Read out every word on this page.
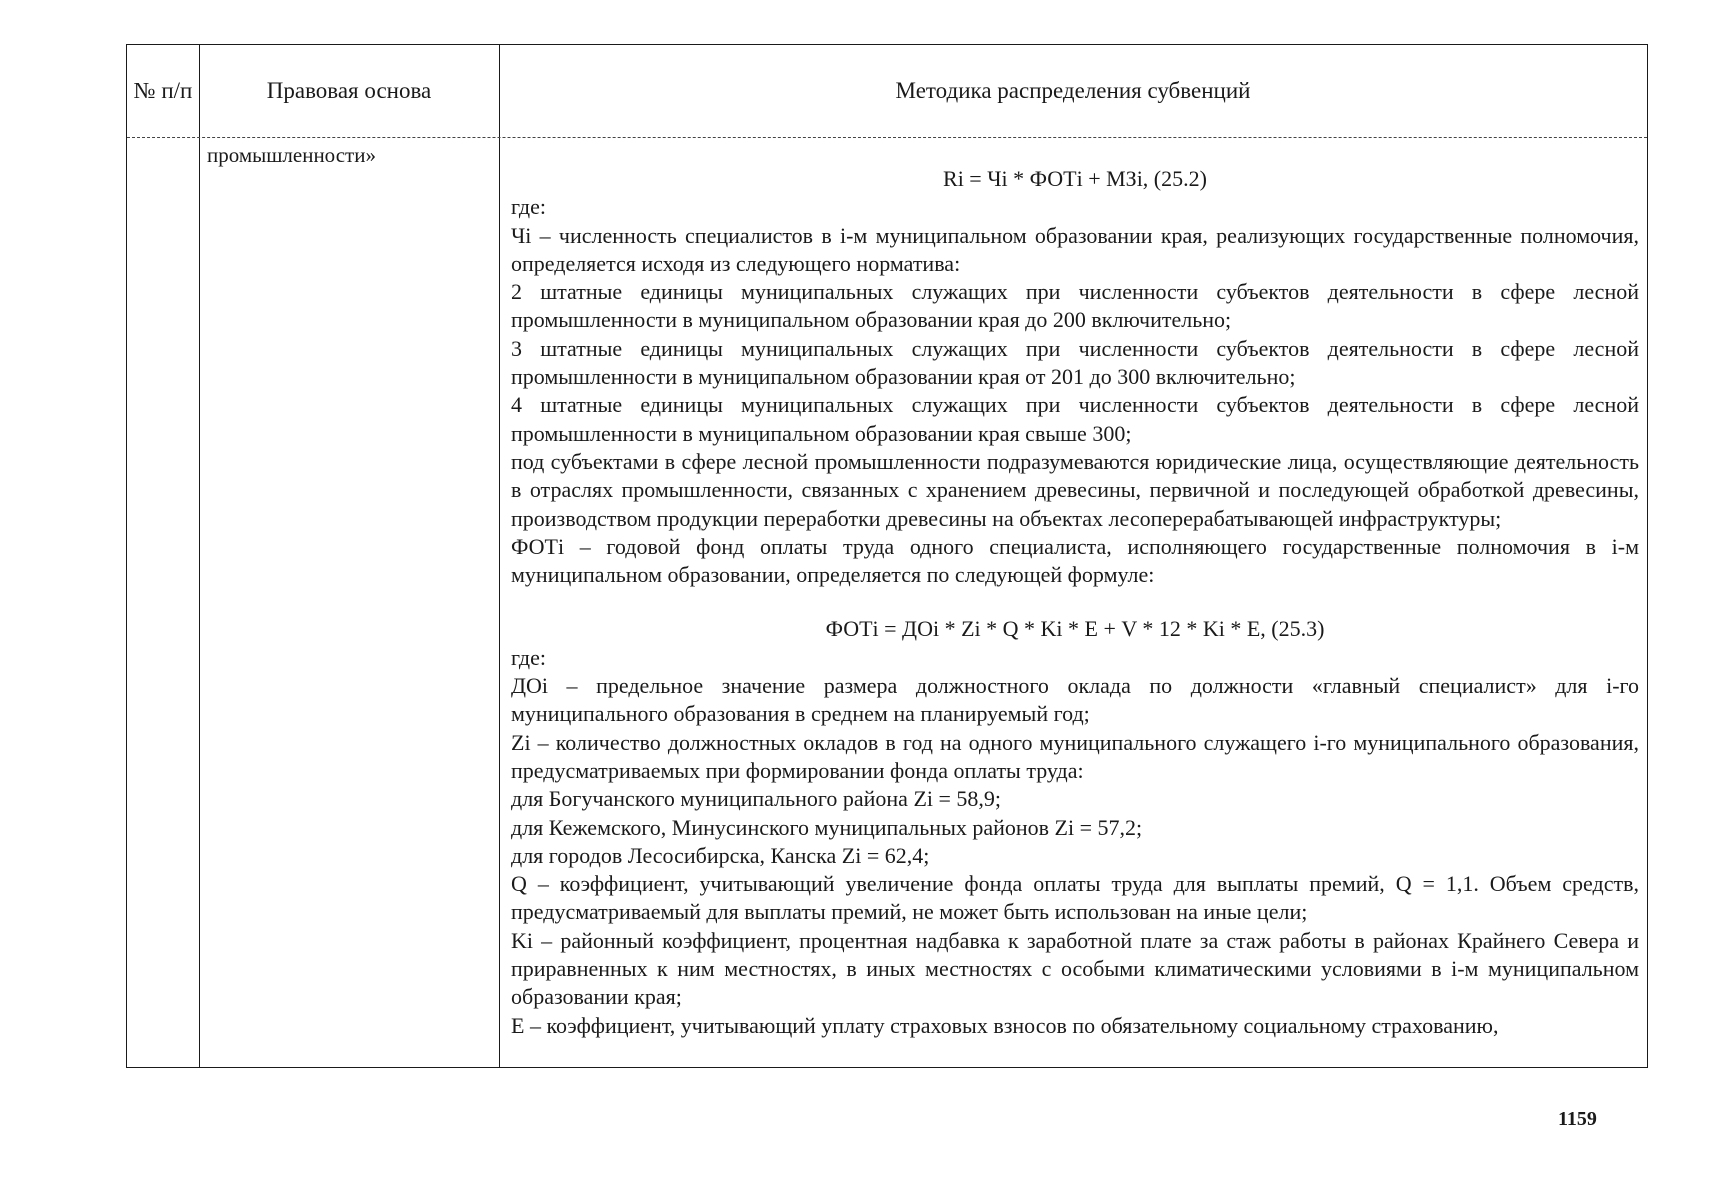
№ п/п	Правовая основа	Методика распределения субвенций
промышленности»

Ri = Чi * ФОТi + МЗi, (25.2)

где:

Чi – численность специалистов в i-м муниципальном образовании края, реализующих государственные полномочия, определяется исходя из следующего норматива:

2 штатные единицы муниципальных служащих при численности субъектов деятельности в сфере лесной промышленности в муниципальном образовании края до 200 включительно;

3 штатные единицы муниципальных служащих при численности субъектов деятельности в сфере лесной промышленности в муниципальном образовании края от 201 до 300 включительно;

4 штатные единицы муниципальных служащих при численности субъектов деятельности в сфере лесной промышленности в муниципальном образовании края свыше 300;

под субъектами в сфере лесной промышленности подразумеваются юридические лица, осуществляющие деятельность в отраслях промышленности, связанных с хранением древесины, первичной и последующей обработкой древесины, производством продукции переработки древесины на объектах лесоперерабатывающей инфраструктуры;

ФОТi – годовой фонд оплаты труда одного специалиста, исполняющего государственные полномочия в i-м муниципальном образовании, определяется по следующей формуле:

ФОТi = ДОi * Zi * Q * Ki * Е + V * 12 * Ki * Е, (25.3)

где:

ДОi – предельное значение размера должностного оклада по должности «главный специалист» для i-го муниципального образования в среднем на планируемый год;

Zi – количество должностных окладов в год на одного муниципального служащего i-го муниципального образования, предусматриваемых при формировании фонда оплаты труда:

для Богучанского муниципального района Zi = 58,9;

для Кежемского, Минусинского муниципальных районов Zi = 57,2;

для городов Лесосибирска, Канска Zi = 62,4;

Q – коэффициент, учитывающий увеличение фонда оплаты труда для выплаты премий, Q = 1,1. Объем средств, предусматриваемый для выплаты премий, не может быть использован на иные цели;

Ki – районный коэффициент, процентная надбавка к заработной плате за стаж работы в районах Крайнего Севера и приравненных к ним местностях, в иных местностях с особыми климатическими условиями в i-м муниципальном образовании края;

Е – коэффициент, учитывающий уплату страховых взносов по обязательному социальному страхованию,

1159
